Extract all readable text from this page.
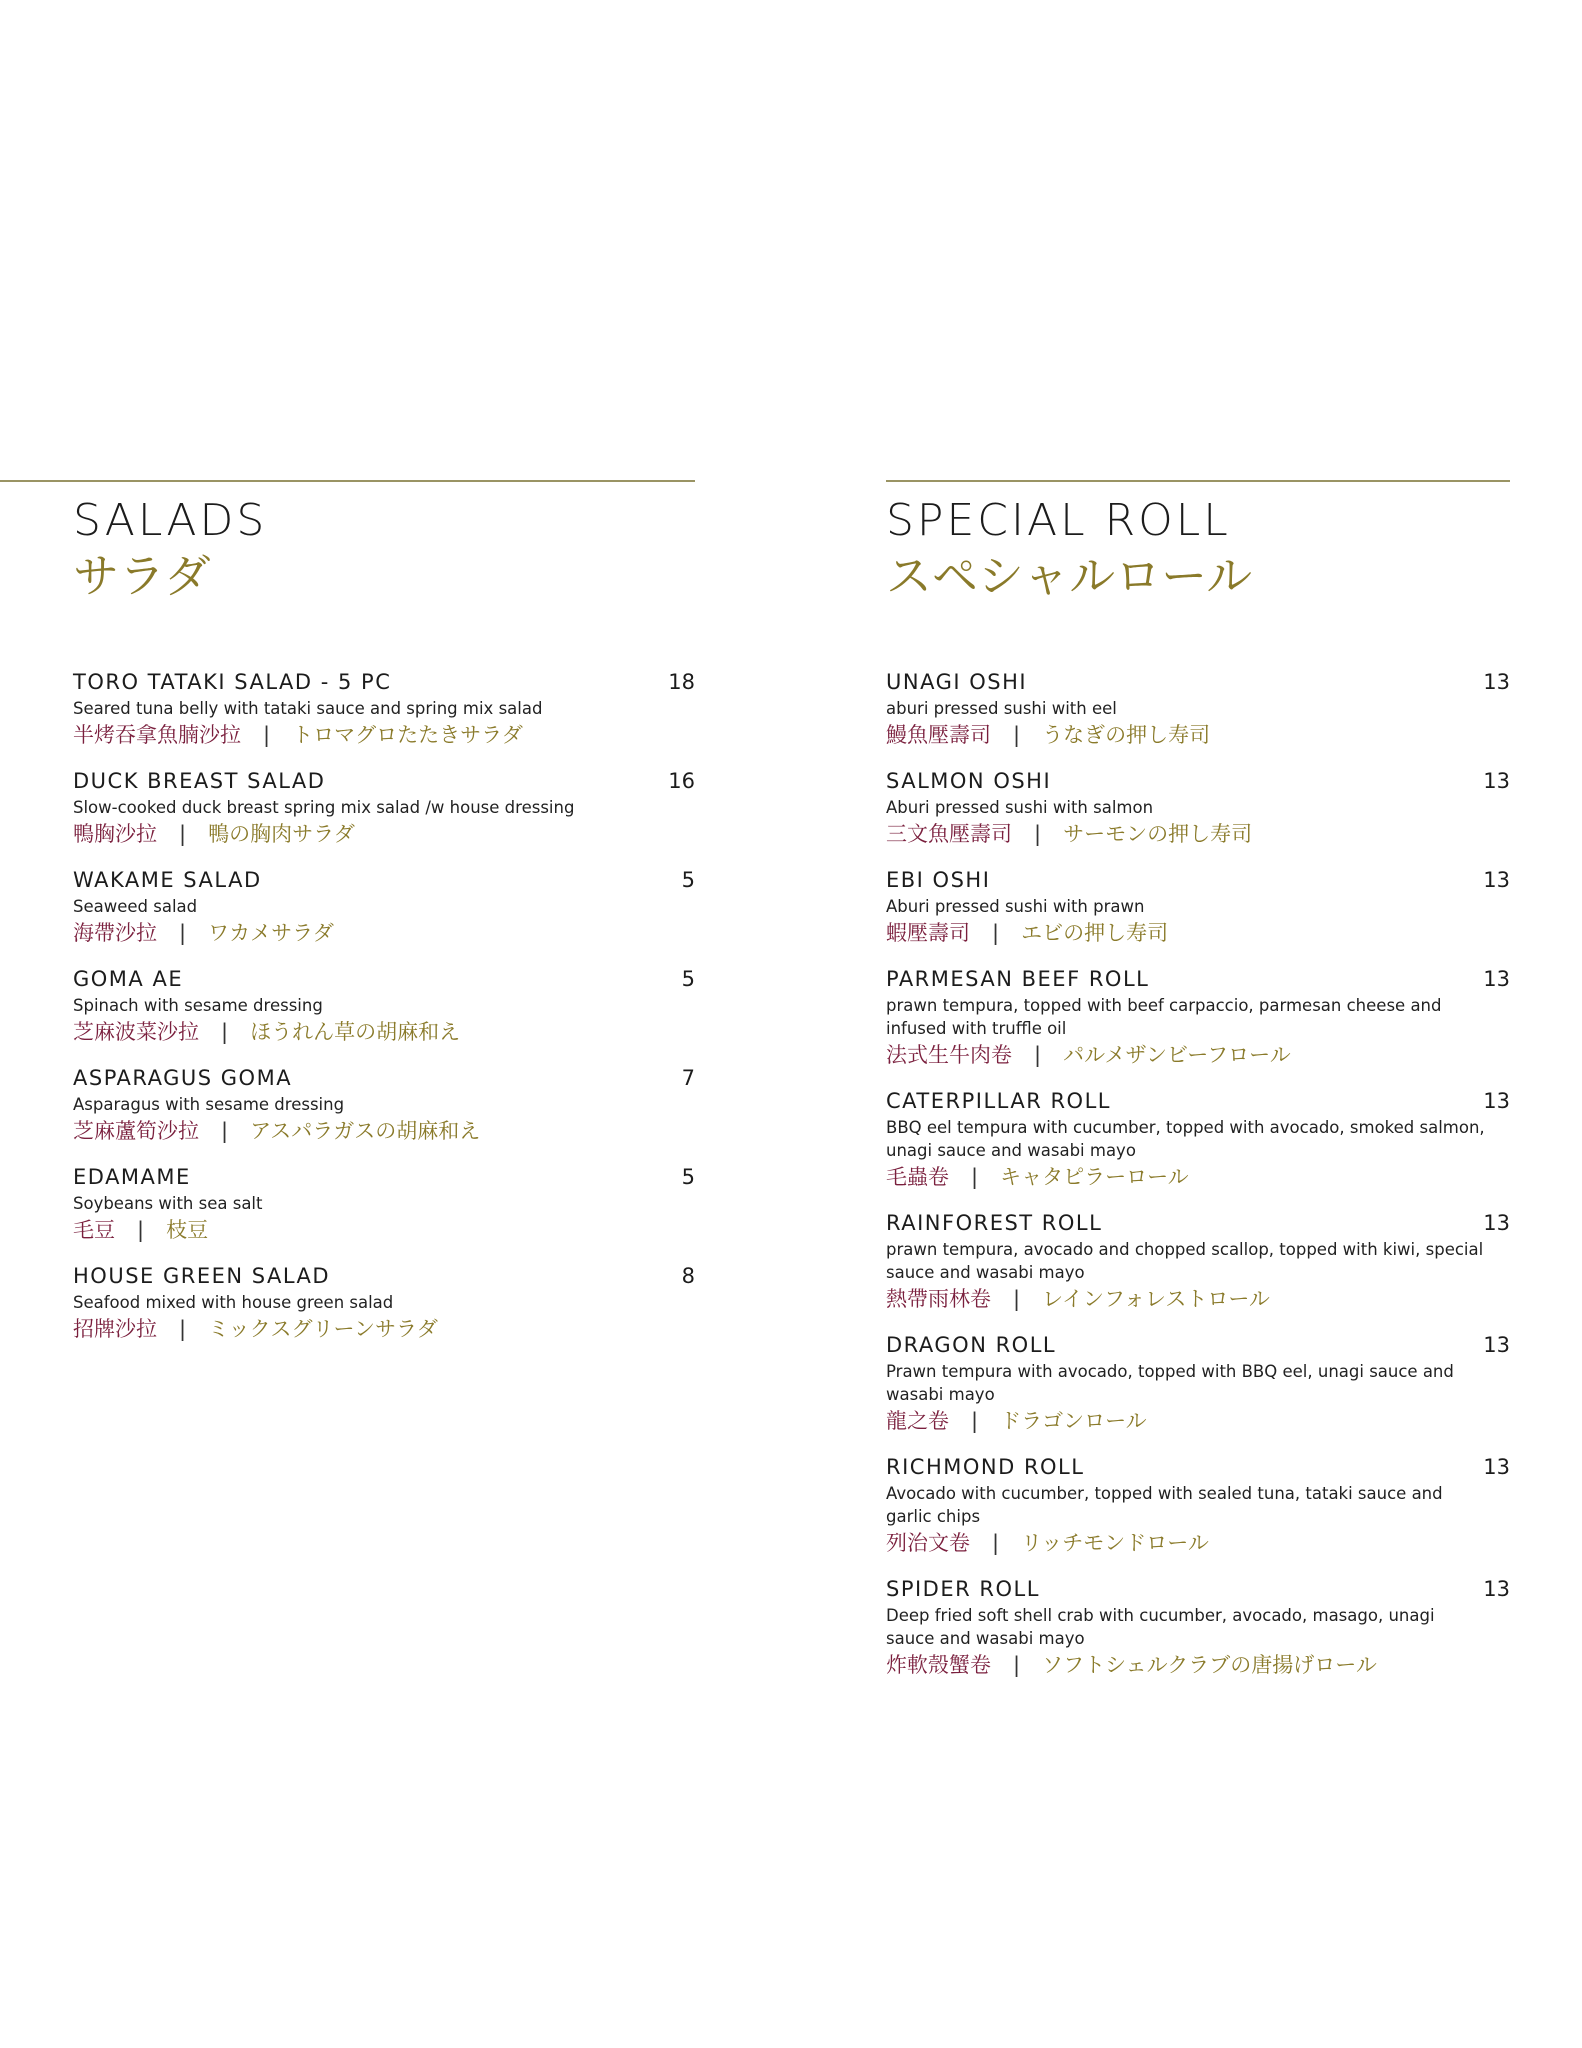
SALADS
サラダ
TORO TATAKI SALAD - 5 PC	18
Seared tuna belly with tataki sauce and spring mix salad
半烤吞拿魚腩沙拉 | トロマグロたたきサラダ
DUCK BREAST SALAD	16
Slow-cooked duck breast spring mix salad /w house dressing
鴨胸沙拉 | 鴨の胸肉サラダ
WAKAME SALAD	5
Seaweed salad
海帶沙拉 | ワカメサラダ
GOMA AE	5
Spinach with sesame dressing
芝麻波菜沙拉 | ほうれん草の胡麻和え
ASPARAGUS GOMA	7
Asparagus with sesame dressing
芝麻蘆筍沙拉 | アスパラガスの胡麻和え
EDAMAME	5
Soybeans with sea salt
毛豆 | 枝豆
HOUSE GREEN SALAD	8
Seafood mixed with house green salad
招牌沙拉 | ミックスグリーンサラダ
SPECIAL ROLL
スペシャルロール
UNAGI OSHI	13
aburi pressed sushi with eel
鰻魚壓壽司 | うなぎの押し寿司
SALMON OSHI	13
Aburi pressed sushi with salmon
三文魚壓壽司 | サーモンの押し寿司
EBI OSHI	13
Aburi pressed sushi with prawn
蝦壓壽司 | エビの押し寿司
PARMESAN BEEF ROLL	13
prawn tempura, topped with beef carpaccio, parmesan cheese and infused with truffle oil
法式生牛肉卷 | パルメザンビーフロール
CATERPILLAR ROLL	13
BBQ eel tempura with cucumber, topped with avocado, smoked salmon, unagi sauce and wasabi mayo
毛蟲卷 | キャタピラーロール
RAINFOREST ROLL	13
prawn tempura, avocado and chopped scallop, topped with kiwi, special sauce and wasabi mayo
熱帶雨林卷 | レインフォレストロール
DRAGON ROLL	13
Prawn tempura with avocado, topped with BBQ eel, unagi sauce and wasabi mayo
龍之卷 | ドラゴンロール
RICHMOND ROLL	13
Avocado with cucumber, topped with sealed tuna, tataki sauce and garlic chips
列治文卷 | リッチモンドロール
SPIDER ROLL	13
Deep fried soft shell crab with cucumber, avocado, masago, unagi sauce and wasabi mayo
炸軟殼蟹卷 | ソフトシェルクラブの唐揚げロール
